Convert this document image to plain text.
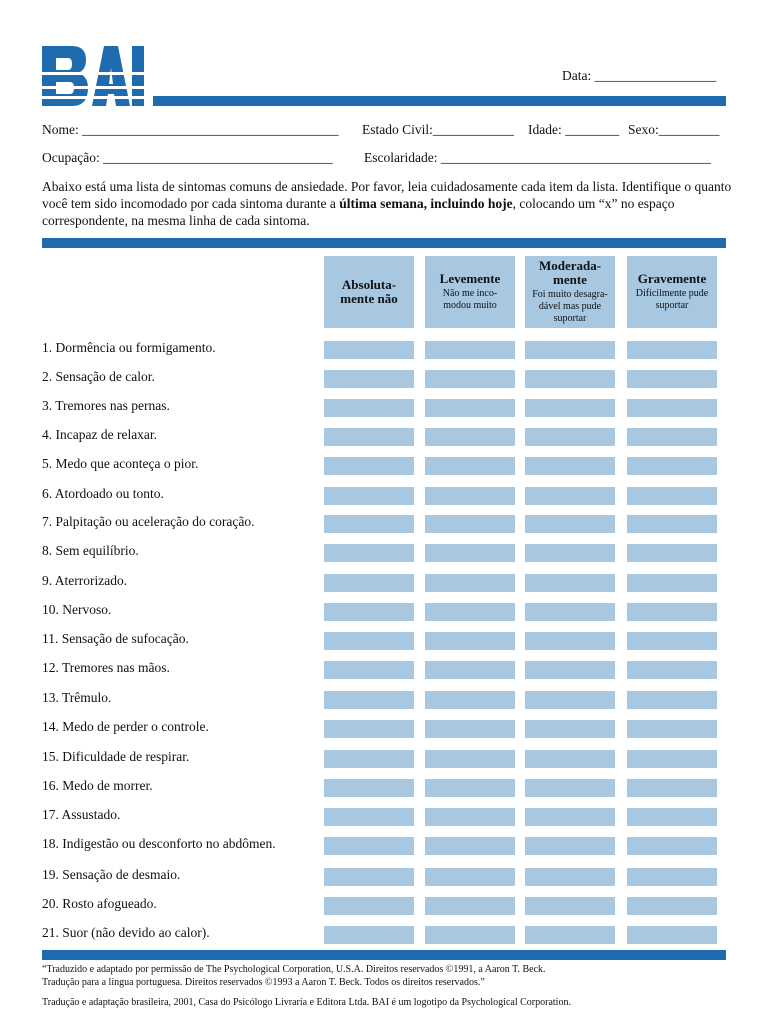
Data: __________________
Nome: ______________________________________ Estado Civil:____________ Idade: ________ Sexo:_________
Ocupação: __________________________________ Escolaridade: ________________________________________
Abaixo está uma lista de sintomas comuns de ansiedade. Por favor, leia cuidadosamente cada item da lista. Identifique o quanto você tem sido incomodado por cada sintoma durante a última semana, incluindo hoje, colocando um “x” no espaço correspondente, na mesma linha de cada sintoma.
Absoluta-
mente não
Levemente
Não me inco-
modou muito
Moderada-
mente
Foi muito desagra-
dável mas pude
suportar
Gravemente
Dificilmente pude
suportar
1. Dormência ou formigamento.
2. Sensação de calor.
3. Tremores nas pernas.
4. Incapaz de relaxar.
5. Medo que aconteça o pior.
6. Atordoado ou tonto.
7. Palpitação ou aceleração do coração.
8. Sem equilíbrio.
9. Aterrorizado.
10. Nervoso.
11. Sensação de sufocação.
12. Tremores nas mãos.
13. Trêmulo.
14. Medo de perder o controle.
15. Dificuldade de respirar.
16. Medo de morrer.
17. Assustado.
18. Indigestão ou desconforto no abdômen.
19. Sensação de desmaio.
20. Rosto afogueado.
21. Suor (não devido ao calor).
“Traduzido e adaptado por permissão de The Psychological Corporation, U.S.A. Direitos reservados ©1991, a Aaron T. Beck.
Tradução para a língua portuguesa. Direitos reservados ©1993 a Aaron T. Beck. Todos os direitos reservados.”
Tradução e adaptação brasileira, 2001, Casa do Psicólogo Livraria e Editora Ltda. BAI é um logotipo da Psychological Corporation.
